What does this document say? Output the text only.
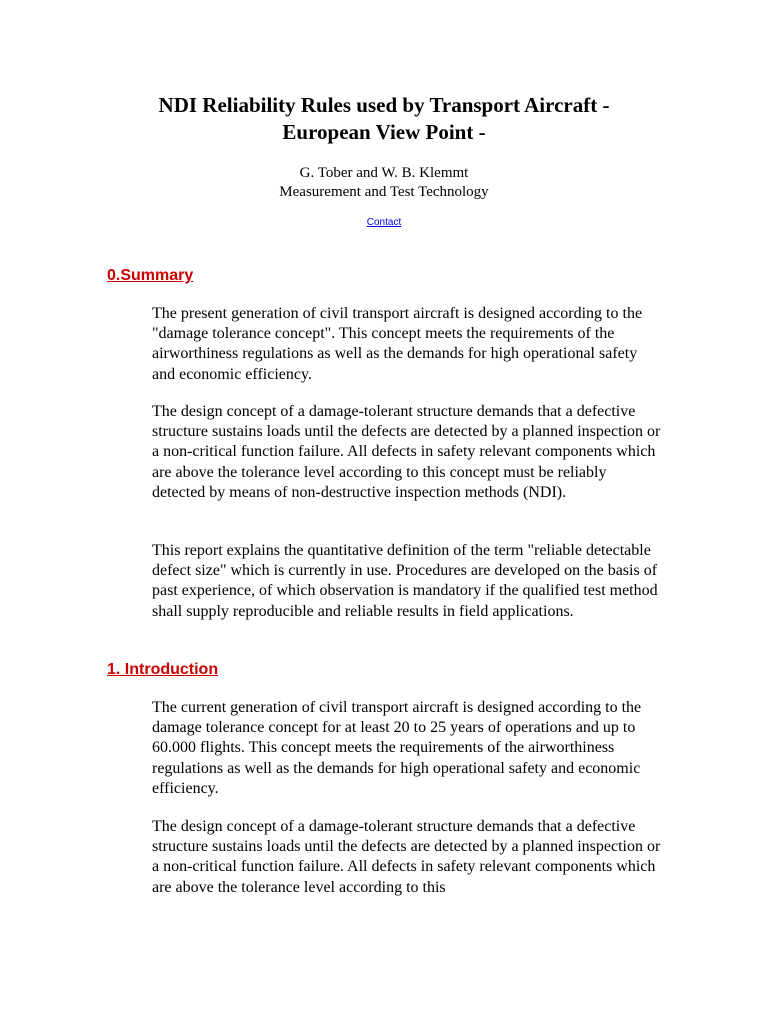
NDI Reliability Rules used by Transport Aircraft -
European View Point -
G. Tober and W. B. Klemmt
Measurement and Test Technology
Contact
0.Summary

The present generation of civil transport aircraft is designed according to the "damage tolerance concept". This concept meets the requirements of the airworthiness regulations as well as the demands for high operational safety and economic efficiency.

The design concept of a damage-tolerant structure demands that a defective structure sustains loads until the defects are detected by a planned inspection or a non-critical function failure. All defects in safety relevant components which are above the tolerance level according to this concept must be reliably detected by means of non-destructive inspection methods (NDI).

This report explains the quantitative definition of the term "reliable detectable defect size" which is currently in use. Procedures are developed on the basis of past experience, of which observation is mandatory if the qualified test method shall supply reproducible and reliable results in field applications.

1. Introduction

The current generation of civil transport aircraft is designed according to the damage tolerance concept for at least 20 to 25 years of operations and up to 60.000 flights. This concept meets the requirements of the airworthiness regulations as well as the demands for high operational safety and economic efficiency.

The design concept of a damage-tolerant structure demands that a defective structure sustains loads until the defects are detected by a planned inspection or a non-critical function failure. All defects in safety relevant components which are above the tolerance level according to this
